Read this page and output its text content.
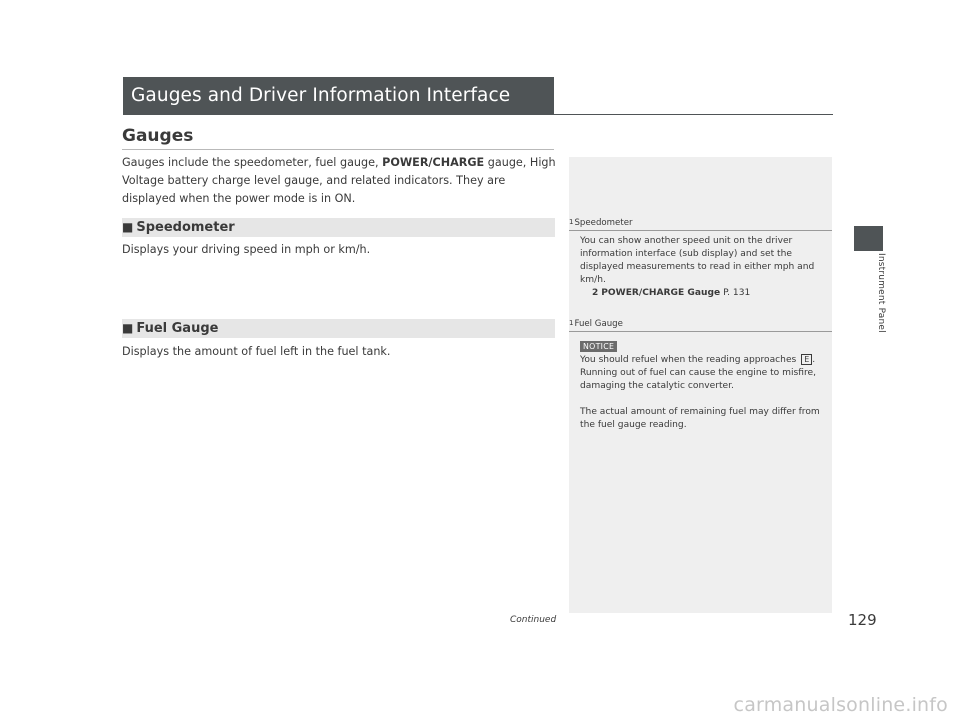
Gauges and Driver Information Interface
Gauges
Gauges include the speedometer, fuel gauge, POWER/CHARGE gauge, High Voltage battery charge level gauge, and related indicators. They are displayed when the power mode is in ON.
■ Speedometer
Displays your driving speed in mph or km/h.
■ Fuel Gauge
Displays the amount of fuel left in the fuel tank.
1Speedometer
You can show another speed unit on the driver information interface (sub display) and set the displayed measurements to read in either mph and km/h.
2 POWER/CHARGE Gauge P. 131
1Fuel Gauge
NOTICE
You should refuel when the reading approaches E .
Running out of fuel can cause the engine to misfire, damaging the catalytic converter.
The actual amount of remaining fuel may differ from the fuel gauge reading.
Instrument Panel
Continued	129
carmanualsonline.info
